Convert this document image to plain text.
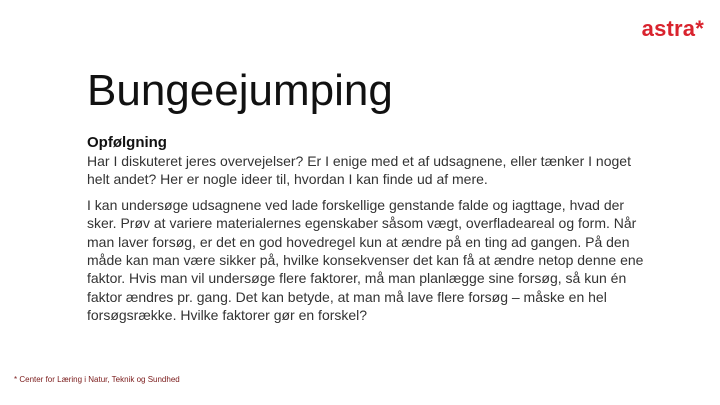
astra*
Bungeejumping

Opfølgning

Har I diskuteret jeres overvejelser? Er I enige med et af udsagnene, eller tænker I noget helt andet? Her er nogle ideer til, hvordan I kan finde ud af mere.

I kan undersøge udsagnene ved lade forskellige genstande falde og iagttage, hvad der sker. Prøv at variere materialernes egenskaber såsom vægt, overfladeareal og form. Når man laver forsøg, er det en god hovedregel kun at ændre på en ting ad gangen. På den måde kan man være sikker på, hvilke konsekvenser det kan få at ændre netop denne ene faktor. Hvis man vil undersøge flere faktorer, må man planlægge sine forsøg, så kun én faktor ændres pr. gang. Det kan betyde, at man må lave flere forsøg – måske en hel forsøgsrække. Hvilke faktorer gør en forskel?

* Center for Læring i Natur, Teknik og Sundhed
